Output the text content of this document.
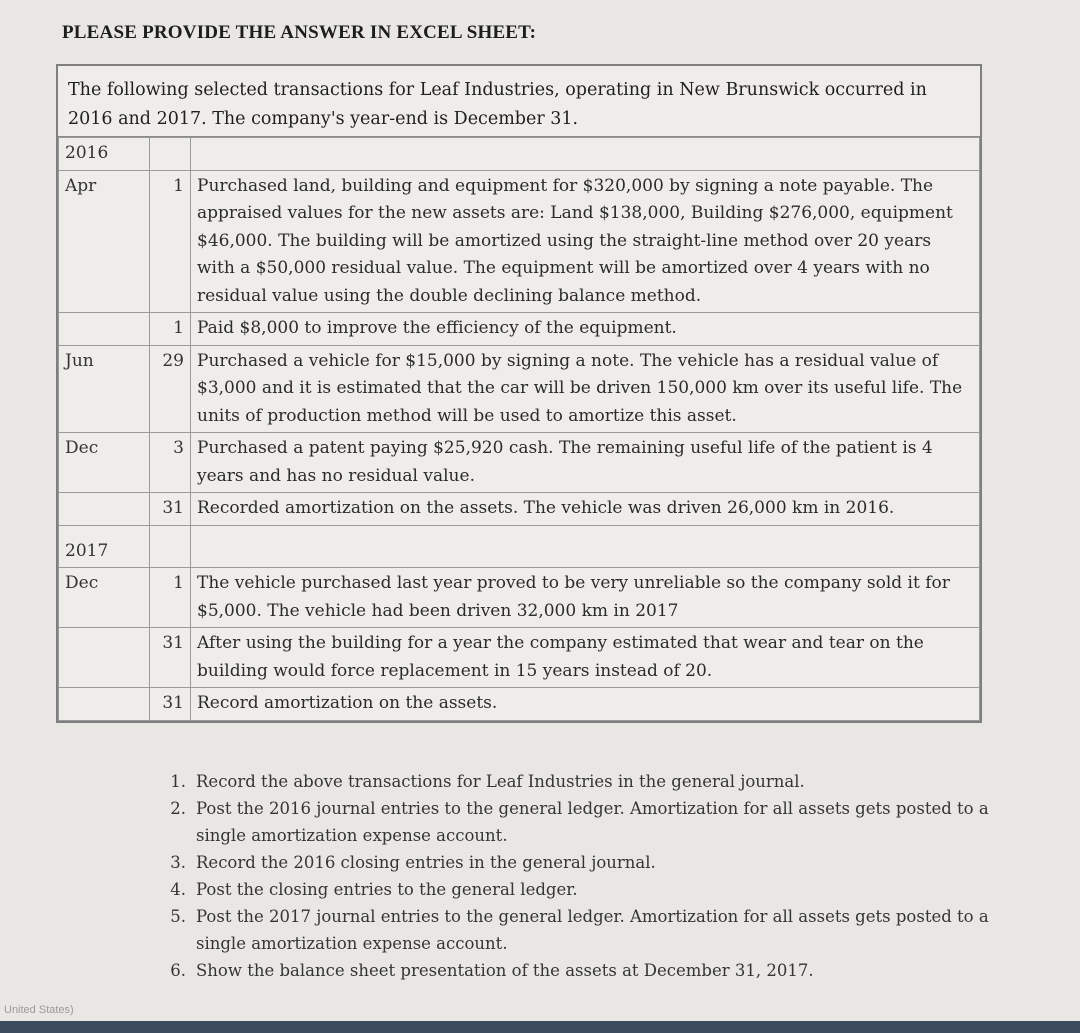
PLEASE PROVIDE THE ANSWER IN EXCEL SHEET:
The following selected transactions for Leaf Industries, operating in New Brunswick occurred in 2016 and 2017. The company's year-end is December 31.
2016		
Apr	1	Purchased land, building and equipment for $320,000 by signing a note payable. The appraised values for the new assets are: Land $138,000, Building $276,000, equipment $46,000. The building will be amortized using the straight-line method over 20 years with a $50,000 residual value. The equipment will be amortized over 4 years with no residual value using the double declining balance method.
	1	Paid $8,000 to improve the efficiency of the equipment.
Jun	29	Purchased a vehicle for $15,000 by signing a note. The vehicle has a residual value of $3,000 and it is estimated that the car will be driven 150,000 km over its useful life. The units of production method will be used to amortize this asset.
Dec	3	Purchased a patent paying $25,920 cash. The remaining useful life of the patient is 4 years and has no residual value.
	31	Recorded amortization on the assets. The vehicle was driven 26,000 km in 2016.
2017		
Dec	1	The vehicle purchased last year proved to be very unreliable so the company sold it for $5,000. The vehicle had been driven 32,000 km in 2017
	31	After using the building for a year the company estimated that wear and tear on the building would force replacement in 15 years instead of 20.
	31	Record amortization on the assets.
1. Record the above transactions for Leaf Industries in the general journal.
2. Post the 2016 journal entries to the general ledger. Amortization for all assets gets posted to a single amortization expense account.
3. Record the 2016 closing entries in the general journal.
4. Post the closing entries to the general ledger.
5. Post the 2017 journal entries to the general ledger. Amortization for all assets gets posted to a single amortization expense account.
6. Show the balance sheet presentation of the assets at December 31, 2017.
United States)
